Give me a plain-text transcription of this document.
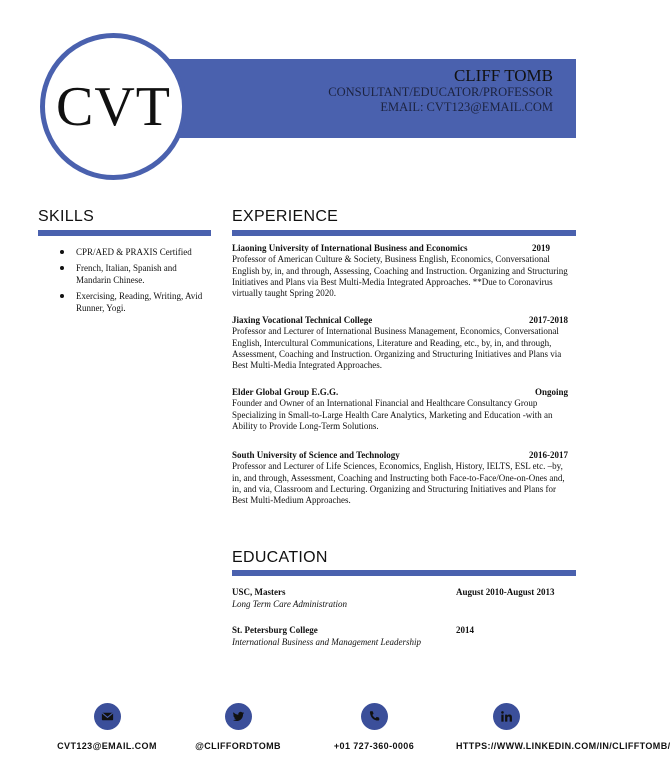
CVT	CLIFF TOMB
CONSULTANT/EDUCATOR/PROFESSOR
EMAIL: CVT123@EMAIL.COM
SKILLS
CPR/AED & PRAXIS Certified
French, Italian, Spanish and Mandarin Chinese.
Exercising, Reading, Writing, Avid Runner, Yogi.
EXPERIENCE
Liaoning University of International Business and Economics	2019
Professor of American Culture & Society, Business English, Economics, Conversational English by, in, and through, Assessing, Coaching and Instruction. Organizing and Structuring Initiatives and Plans via Best Multi-Media Integrated Approaches. **Due to Coronavirus virtually taught Spring 2020.
Jiaxing Vocational Technical College	2017-2018
Professor and Lecturer of International Business Management, Economics, Conversational English, Intercultural Communications, Literature and Reading, etc., by, in, and through, Assessment, Coaching and Instruction. Organizing and Structuring Initiatives and Plans via Best Multi-Media Integrated Approaches.
Elder Global Group E.G.G.	Ongoing
Founder and Owner of an International Financial and Healthcare Consultancy Group Specializing in Small-to-Large Health Care Analytics, Marketing and Education -with an Ability to Provide Long-Term Solutions.
South University of Science and Technology	2016-2017
Professor and Lecturer of Life Sciences, Economics, English, History, IELTS, ESL etc. –by, in, and through, Assessment, Coaching and Instructing both Face-to-Face/One-on-Ones and, in, and via, Classroom and Lecturing. Organizing and Structuring Initiatives and Plans for Best Multi-Medium Approaches.
EDUCATION
USC, Masters	August 2010-August 2013
Long Term Care Administration
St. Petersburg College	2014
International Business and Management Leadership
CVT123@EMAIL.COM	@CLIFFORDTOMB	+01 727-360-0006	HTTPS://WWW.LINKEDIN.COM/IN/CLIFFTOMB/
